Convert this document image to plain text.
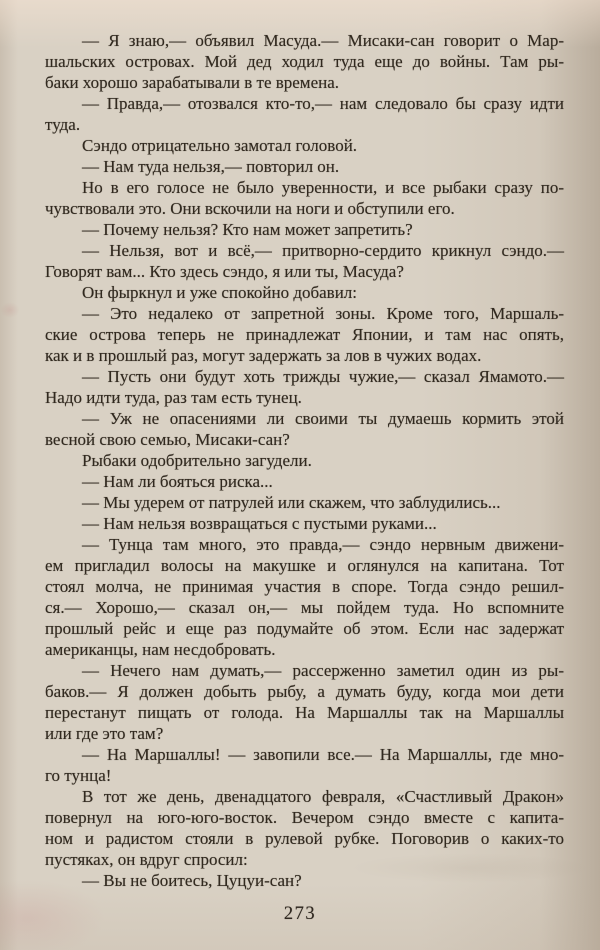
— Я знаю,— объявил Масуда.— Мисаки-сан говорит о Мар-
шальских островах. Мой дед ходил туда еще до войны. Там ры-
баки хорошо зарабатывали в те времена.
— Правда,— отозвался кто-то,— нам следовало бы сразу идти
туда.
Сэндо отрицательно замотал головой.
— Нам туда нельзя,— повторил он.
Но в его голосе не было уверенности, и все рыбаки сразу по-
чувствовали это. Они вскочили на ноги и обступили его.
— Почему нельзя? Кто нам может запретить?
— Нельзя, вот и всё,— притворно-сердито крикнул сэндо.—
Говорят вам... Кто здесь сэндо, я или ты, Масуда?
Он фыркнул и уже спокойно добавил:
— Это недалеко от запретной зоны. Кроме того, Маршаль-
ские острова теперь не принадлежат Японии, и там нас опять,
как и в прошлый раз, могут задержать за лов в чужих водах.
— Пусть они будут хоть трижды чужие,— сказал Ямамото.—
Надо идти туда, раз там есть тунец.
— Уж не опасениями ли своими ты думаешь кормить этой
весной свою семью, Мисаки-сан?
Рыбаки одобрительно загудели.
— Нам ли бояться риска...
— Мы удерем от патрулей или скажем, что заблудились...
— Нам нельзя возвращаться с пустыми руками...
— Тунца там много, это правда,— сэндо нервным движени-
ем пригладил волосы на макушке и оглянулся на капитана. Тот
стоял молча, не принимая участия в споре. Тогда сэндо решил-
ся.— Хорошо,— сказал он,— мы пойдем туда. Но вспомните
прошлый рейс и еще раз подумайте об этом. Если нас задержат
американцы, нам несдобровать.
— Нечего нам думать,— рассерженно заметил один из ры-
баков.— Я должен добыть рыбу, а думать буду, когда мои дети
перестанут пищать от голода. На Маршаллы так на Маршаллы
или где это там?
— На Маршаллы! — завопили все.— На Маршаллы, где мно-
го тунца!
В тот же день, двенадцатого февраля, «Счастливый Дракон»
повернул на юго-юго-восток. Вечером сэндо вместе с капита-
ном и радистом стояли в рулевой рубке. Поговорив о каких-то
пустяках, он вдруг спросил:
— Вы не боитесь, Цуцуи-сан?
273
